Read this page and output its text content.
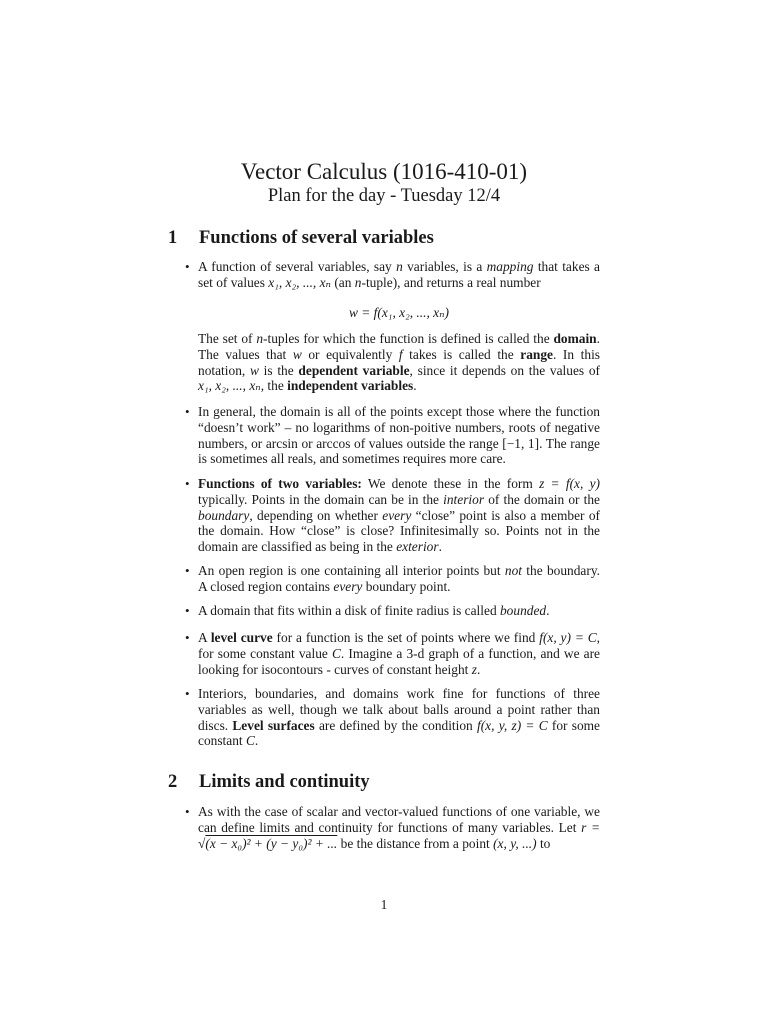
Vector Calculus (1016-410-01)
Plan for the day - Tuesday 12/4
1 Functions of several variables
• A function of several variables, say n variables, is a mapping that takes a set of values x₁, x₂, ..., xₙ (an n-tuple), and returns a real number
w = f(x₁, x₂, ..., xₙ)
The set of n-tuples for which the function is defined is called the domain. The values that w or equivalently f takes is called the range. In this notation, w is the dependent variable, since it depends on the values of x₁, x₂, ..., xₙ, the independent variables.
• In general, the domain is all of the points except those where the function “doesn’t work” – no logarithms of non-poitive numbers, roots of negative numbers, or arcsin or arccos of values outside the range [−1, 1]. The range is sometimes all reals, and sometimes requires more care.
• Functions of two variables: We denote these in the form z = f(x, y) typically. Points in the domain can be in the interior of the domain or the boundary, depending on whether every “close” point is also a member of the domain. How “close” is close? Infinitesimally so. Points not in the domain are classified as being in the exterior.
• An open region is one containing all interior points but not the boundary. A closed region contains every boundary point.
• A domain that fits within a disk of finite radius is called bounded.
• A level curve for a function is the set of points where we find f(x, y) = C, for some constant value C. Imagine a 3-d graph of a function, and we are looking for isocontours - curves of constant height z.
• Interiors, boundaries, and domains work fine for functions of three variables as well, though we talk about balls around a point rather than discs. Level surfaces are defined by the condition f(x, y, z) = C for some constant C.
2 Limits and continuity
• As with the case of scalar and vector-valued functions of one variable, we can define limits and continuity for functions of many variables. Let r = √(x − x₀)² + (y − y₀)² + ... be the distance from a point (x, y, ...) to
1
